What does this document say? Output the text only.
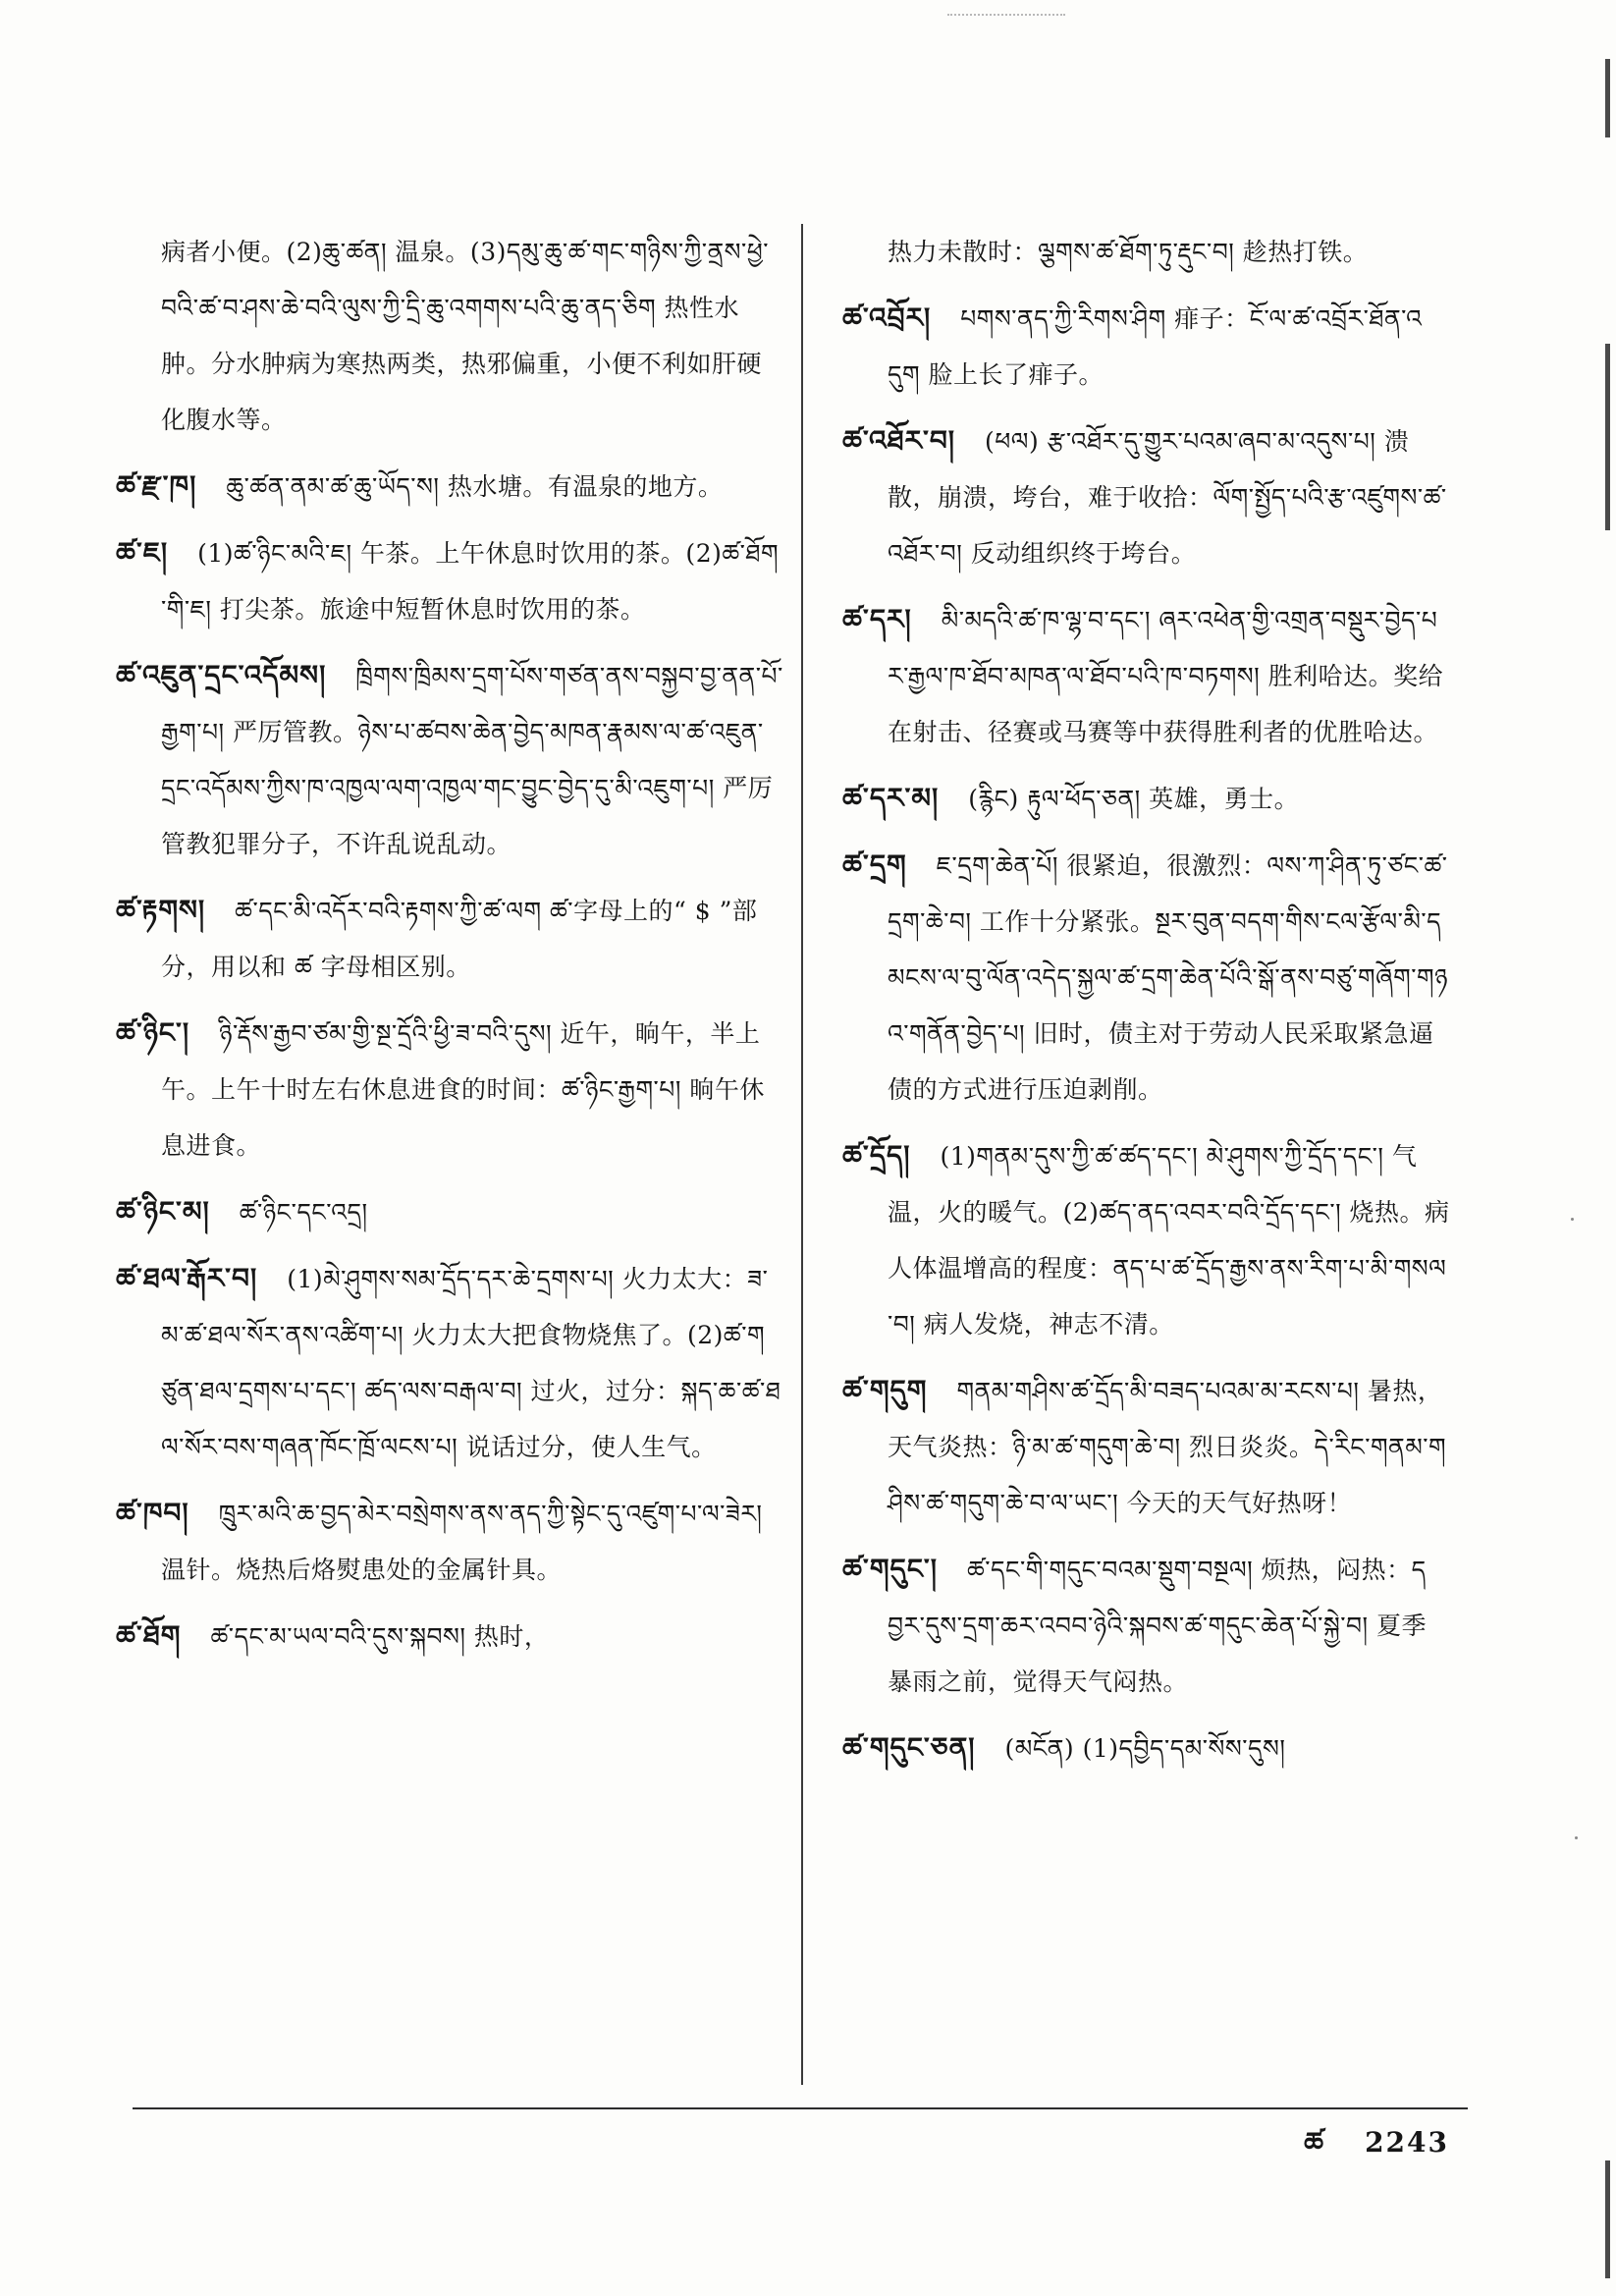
病者小便。(2)ཆུ་ཚན། 温泉。(3)དམུ་ཆུ་ཚ་གང་གཉིས་ཀྱི་ནྲས་ཕྱེ་བའི་ཚ་བ་ཤས་ཆེ་བའི་ལུས་ཀྱི་དྲི་ཆུ་འགགས་པའི་ཆུ་ནད་ཅིག 热性水肿。分水肿病为寒热两类，热邪偏重，小便不利如肝硬化腹水等。
ཚ་རྫ་ཁ། ཆུ་ཚན་ནམ་ཚ་ཆུ་ཡོད་ས། 热水塘。有温泉的地方。
ཚ་ཇ། (1)ཚ་ཉིང་མའི་ཇ། 午茶。上午休息时饮用的茶。(2)ཚ་ཐོག་གི་ཇ། 打尖茶。旅途中短暂休息时饮用的茶。
ཚ་འཇུན་དྲང་འདོམས། ཁྲིགས་ཁྲིམས་དྲག་པོས་གཙན་ནས་བསྐྱབ་བྱ་ནན་པོ་རྒྱག་པ། 严厉管教。ཉེས་པ་ཚབས་ཆེན་བྱེད་མཁན་རྣམས་ལ་ཚ་འཇུན་དྲང་འདོམས་ཀྱིས་ཁ་འཁྱལ་ལག་འཁྱལ་གང་བྱུང་བྱེད་དུ་མི་འཇུག་པ། 严厉管教犯罪分子，不许乱说乱动。
ཚ་རྟགས། ཚ་དང་མི་འདོར་བའི་རྟགས་ཀྱི་ཚ་ལག ཚ་字母上的“ $ ”部分，用以和 ཚ 字母相区别。
ཚ་ཉིང་། ཉི་རྡོས་རྒྱབ་ཙམ་གྱི་སྔ་དྲོའི་ཕྱི་ཟ་བའི་དུས། 近午，晌午，半上午。上午十时左右休息进食的时间：ཚ་ཉིང་རྒྱག་པ། 晌午休息进食。
ཚ་ཉིང་མ། ཚ་ཉིང་དང་འདྲ།
ཚ་ཐལ་རྒོར་བ། (1)མེ་ཤུགས་སམ་དྲོད་དར་ཆེ་དྲགས་པ། 火力太大：ཟ་མ་ཚ་ཐལ་སོར་ནས་འཚིག་པ། 火力太大把食物烧焦了。(2)ཚ་གཙུན་ཐལ་དྲགས་པ་དང་། ཚད་ལས་བརྒལ་བ། 过火，过分：སྐད་ཆ་ཚ་ཐལ་སོར་བས་གཞན་ཁོང་ཁྲོ་ལངས་པ། 说话过分，使人生气。
ཚ་ཁབ། ཁྲུར་མའི་ཆ་བྱད་མེར་བསྲེགས་ནས་ནད་ཀྱི་སྟེང་དུ་འཛུག་པ་ལ་ཟེར། 温针。烧热后烙熨患处的金属针具。
ཚ་ཐོག ཚ་དང་མ་ཡལ་བའི་དུས་སྐབས། 热时，
热力未散时：ལྕགས་ཚ་ཐོག་ཏུ་རྡུང་བ། 趁热打铁。
ཚ་འབྲོར། པགས་ནད་ཀྱི་རིགས་ཤིག 痱子：ངོ་ལ་ཚ་འབྲོར་ཐོན་འདུག 脸上长了痱子。
ཚ་འཐོར་བ། (ཕལ) རྩ་འཐོར་དུ་གྱུར་པའམ་ཞབ་མ་འདུས་པ། 溃散，崩溃，垮台，难于收拾：ལོག་སྤྱོད་པའི་རྩ་འཛུགས་ཚ་འཐོར་བ། 反动组织终于垮台。
ཚ་དར། མི་མདའི་ཚ་ཁ་ལྷ་བ་དང་། ཞར་འཕེན་གྱི་འགྲན་བསྡུར་བྱེད་པར་རྒྱལ་ཁ་ཐོབ་མཁན་ལ་ཐོབ་པའི་ཁ་བཏགས། 胜利哈达。奖给在射击、径赛或马赛等中获得胜利者的优胜哈达。
ཚ་དར་མ། (རྙིང) རྟུལ་ཕོད་ཅན། 英雄，勇士。
ཚ་དྲག ཇ་དྲག་ཆེན་པོ། 很紧迫，很激烈：ལས་ཀ་ཤིན་ཏུ་ཙང་ཚ་དྲག་ཆེ་བ། 工作十分紧张。སྔར་བུན་བདག་གིས་ངལ་རྩོལ་མི་དམངས་ལ་བུ་ལོན་འདེད་སྐྱལ་ཚ་དྲག་ཆེན་པོའི་སྒོ་ནས་བཙུ་གཞོག་གཉའ་གནོན་བྱེད་པ། 旧时，债主对于劳动人民采取紧急逼债的方式进行压迫剥削。
ཚ་དྲོད། (1)གནམ་དུས་ཀྱི་ཚ་ཚད་དང་། མེ་ཤུགས་ཀྱི་དྲོད་དང་། 气温，火的暖气。(2)ཚད་ནད་འབར་བའི་དྲོད་དང་། 烧热。病人体温增高的程度：ནད་པ་ཚ་དྲོད་རྒྱས་ནས་རིག་པ་མི་གསལ་བ། 病人发烧，神志不清。
ཚ་གདུག གནམ་གཤིས་ཚ་དྲོད་མི་བཟད་པའམ་མ་རངས་པ། 暑热，天气炎热：ཉི་མ་ཚ་གདུག་ཆེ་བ། 烈日炎炎。དེ་རིང་གནམ་གཤིས་ཚ་གདུག་ཆེ་བ་ལ་ཡང་། 今天的天气好热呀！
ཚ་གདུང་། ཚ་དང་གི་གདུང་བའམ་སྡུག་བསྔལ། 烦热，闷热：དབྱར་དུས་དྲག་ཆར་འབབ་ཉེའི་སྐབས་ཚ་གདུང་ཆེན་པོ་སྐྱེ་བ། 夏季暴雨之前，觉得天气闷热。
ཚ་གདུང་ཅན། (མངོན) (1)དབྱིད་དམ་སོས་དུས།
ཚ 2243
